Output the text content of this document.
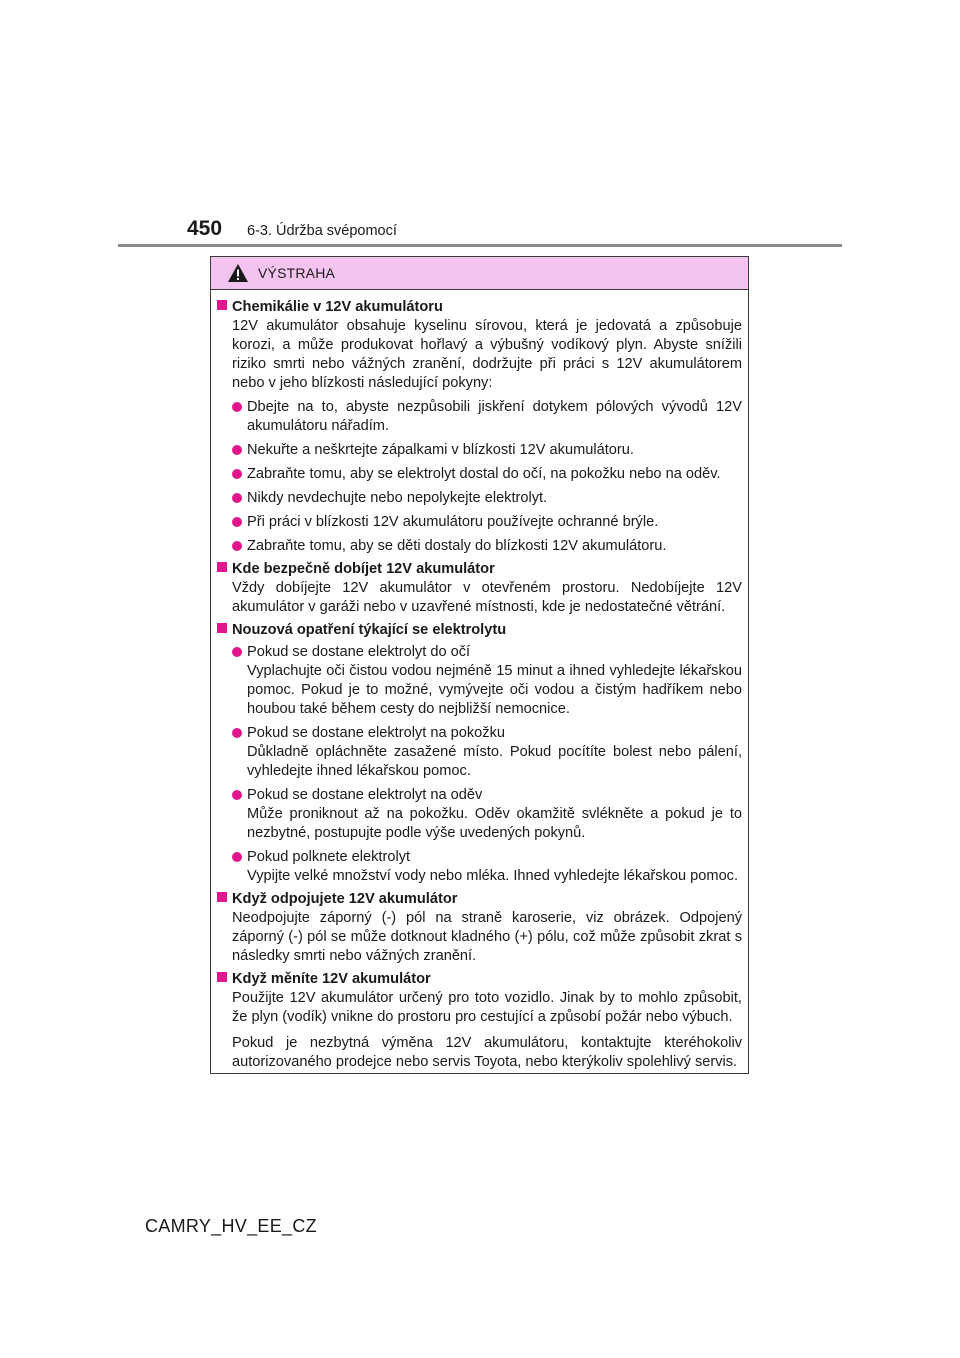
450 6-3. Údržba svépomocí
VÝSTRAHA
Chemikálie v 12V akumulátoru
12V akumulátor obsahuje kyselinu sírovou, která je jedovatá a způsobuje korozi, a může produkovat hořlavý a výbušný vodíkový plyn. Abyste snížili riziko smrti nebo vážných zranění, dodržujte při práci s 12V akumulátorem nebo v jeho blízkosti následující pokyny:
Dbejte na to, abyste nezpůsobili jiskření dotykem pólových vývodů 12V akumulátoru nářadím.
Nekuřte a neškrtejte zápalkami v blízkosti 12V akumulátoru.
Zabraňte tomu, aby se elektrolyt dostal do očí, na pokožku nebo na oděv.
Nikdy nevdechujte nebo nepolykejte elektrolyt.
Při práci v blízkosti 12V akumulátoru používejte ochranné brýle.
Zabraňte tomu, aby se děti dostaly do blízkosti 12V akumulátoru.
Kde bezpečně dobíjet 12V akumulátor
Vždy dobíjejte 12V akumulátor v otevřeném prostoru. Nedobíjejte 12V akumulátor v garáži nebo v uzavřené místnosti, kde je nedostatečné větrání.
Nouzová opatření týkající se elektrolytu
Pokud se dostane elektrolyt do očí
Vyplachujte oči čistou vodou nejméně 15 minut a ihned vyhledejte lékařskou pomoc. Pokud je to možné, vymývejte oči vodou a čistým hadříkem nebo houbou také během cesty do nejbližší nemocnice.
Pokud se dostane elektrolyt na pokožku
Důkladně opláchněte zasažené místo. Pokud pocítíte bolest nebo pálení, vyhledejte ihned lékařskou pomoc.
Pokud se dostane elektrolyt na oděv
Může proniknout až na pokožku. Oděv okamžitě svlékněte a pokud je to nezbytné, postupujte podle výše uvedených pokynů.
Pokud polknete elektrolyt
Vypijte velké množství vody nebo mléka. Ihned vyhledejte lékařskou pomoc.
Když odpojujete 12V akumulátor
Neodpojujte záporný (-) pól na straně karoserie, viz obrázek. Odpojený záporný (-) pól se může dotknout kladného (+) pólu, což může způsobit zkrat s následky smrti nebo vážných zranění.
Když měníte 12V akumulátor
Použijte 12V akumulátor určený pro toto vozidlo. Jinak by to mohlo způsobit, že plyn (vodík) vnikne do prostoru pro cestující a způsobí požár nebo výbuch.
Pokud je nezbytná výměna 12V akumulátoru, kontaktujte kteréhokoliv autorizovaného prodejce nebo servis Toyota, nebo kterýkoliv spolehlivý servis.
CAMRY_HV_EE_CZ
